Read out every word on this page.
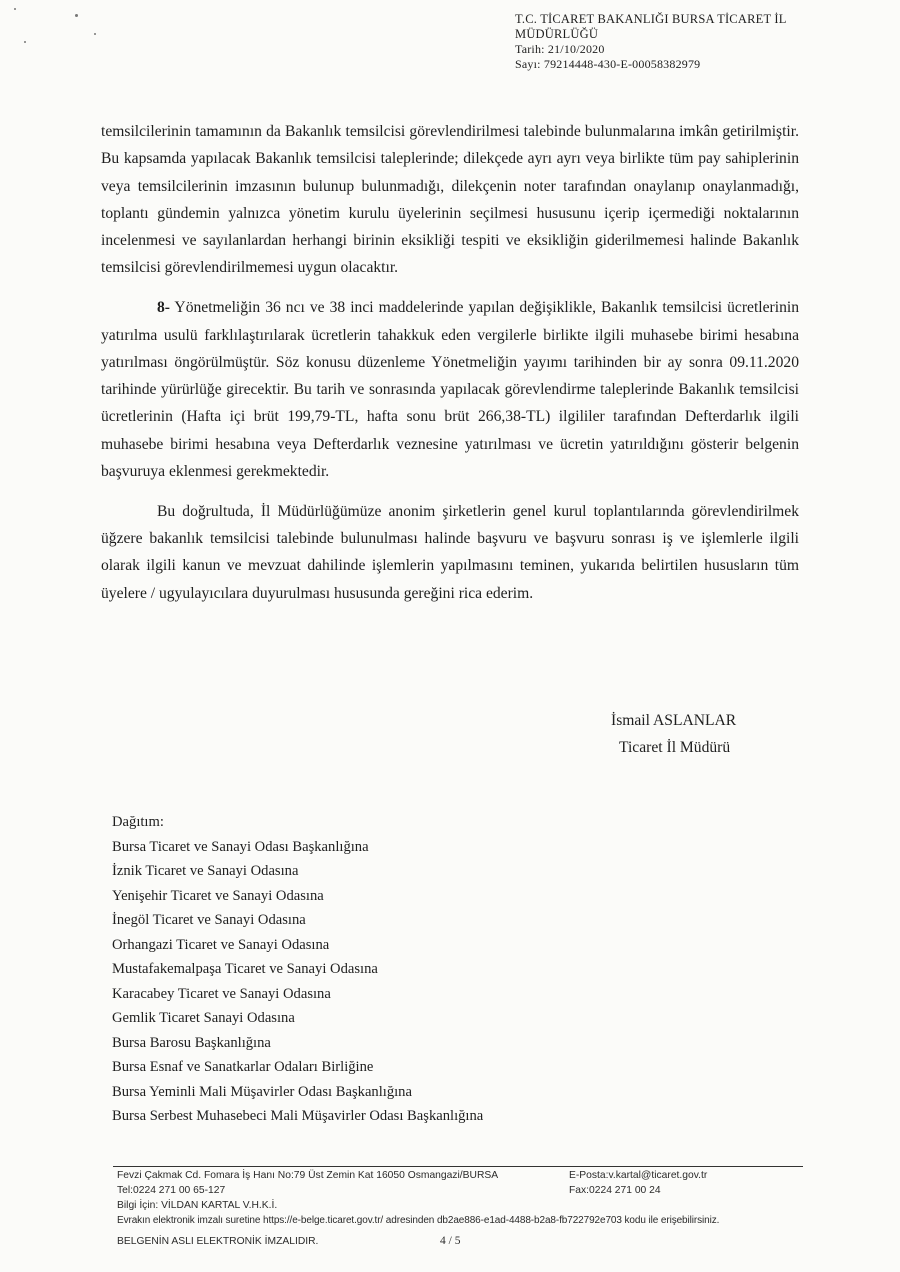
T.C. TİCARET BAKANLIĞI BURSA TİCARET İL
MÜDÜRLÜĞÜ
Tarih: 21/10/2020
Sayı: 79214448-430-E-00058382979

temsilcilerinin tamamının da Bakanlık temsilcisi görevlendirilmesi talebinde bulunmalarına imkân getirilmiştir. Bu kapsamda yapılacak Bakanlık temsilcisi taleplerinde; dilekçede ayrı ayrı veya birlikte tüm pay sahiplerinin veya temsilcilerinin imzasının bulunup bulunmadığı, dilekçenin noter tarafından onaylanıp onaylanmadığı, toplantı gündemin yalnızca yönetim kurulu üyelerinin seçilmesi hususunu içerip içermediği noktalarının incelenmesi ve sayılanlardan herhangi birinin eksikliği tespiti ve eksikliğin giderilmemesi halinde Bakanlık temsilcisi görevlendirilmemesi uygun olacaktır.

8- Yönetmeliğin 36 ncı ve 38 inci maddelerinde yapılan değişiklikle, Bakanlık temsilcisi ücretlerinin yatırılma usulü farklılaştırılarak ücretlerin tahakkuk eden vergilerle birlikte ilgili muhasebe birimi hesabına yatırılması öngörülmüştür. Söz konusu düzenleme Yönetmeliğin yayımı tarihinden bir ay sonra 09.11.2020 tarihinde yürürlüğe girecektir. Bu tarih ve sonrasında yapılacak görevlendirme taleplerinde Bakanlık temsilcisi ücretlerinin (Hafta içi brüt 199,79-TL, hafta sonu brüt 266,38-TL) ilgililer tarafından Defterdarlık ilgili muhasebe birimi hesabına veya Defterdarlık veznesine yatırılması ve ücretin yatırıldığını gösterir belgenin başvuruya eklenmesi gerekmektedir.

Bu doğrultuda, İl Müdürlüğümüze anonim şirketlerin genel kurul toplantılarında görevlendirilmek üğzere bakanlık temsilcisi talebinde bulunulması halinde başvuru ve başvuru sonrası iş ve işlemlerle ilgili olarak ilgili kanun ve mevzuat dahilinde işlemlerin yapılmasını teminen, yukarıda belirtilen hususların tüm üyelere / ugyulayıcılara duyurulması hususunda gereğini rica ederim.

İsmail ASLANLAR
Ticaret İl Müdürü
Dağıtım:
Bursa Ticaret ve Sanayi Odası Başkanlığına
İznik Ticaret ve Sanayi Odasına
Yenişehir Ticaret ve Sanayi Odasına
İnegöl Ticaret ve Sanayi Odasına
Orhangazi Ticaret ve Sanayi Odasına
Mustafakemalpaşa Ticaret ve Sanayi Odasına
Karacabey Ticaret ve Sanayi Odasına
Gemlik Ticaret Sanayi Odasına
Bursa Barosu Başkanlığına
Bursa Esnaf ve Sanatkarlar Odaları Birliğine
Bursa Yeminli Mali Müşavirler Odası Başkanlığına
Bursa Serbest Muhasebeci Mali Müşavirler Odası Başkanlığına
Fevzi Çakmak Cd. Fomara İş Hanı No:79 Üst Zemin Kat 16050 Osmangazi/BURSA	E-Posta:v.kartal@ticaret.gov.tr
Tel:0224 271 00 65-127	Fax:0224 271 00 24
Bilgi İçin: VİLDAN KARTAL V.H.K.İ.
Evrakın elektronik imzalı suretine https://e-belge.ticaret.gov.tr/ adresinden db2ae886-e1ad-4488-b2a8-fb722792e703 kodu ile erişebilirsiniz.
BELGENİN ASLI ELEKTRONİK İMZALIDIR.	4 / 5
